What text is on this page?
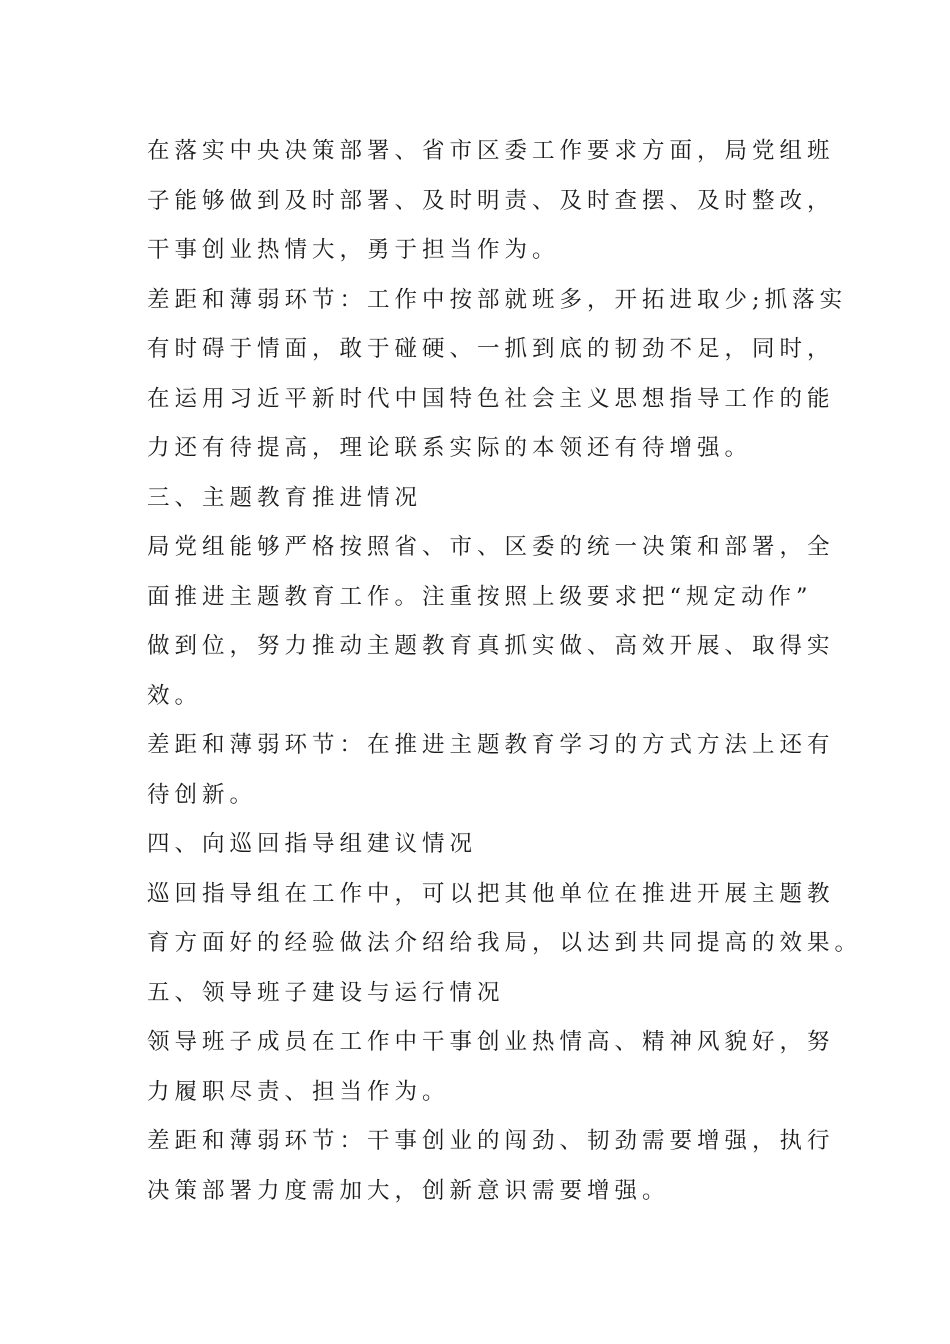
在落实中央决策部署、省市区委工作要求方面，局党组班
子能够做到及时部署、及时明责、及时查摆、及时整改，
干事创业热情大，勇于担当作为。
差距和薄弱环节：工作中按部就班多，开拓进取少;抓落实
有时碍于情面，敢于碰硬、一抓到底的韧劲不足，同时，
在运用习近平新时代中国特色社会主义思想指导工作的能
力还有待提高，理论联系实际的本领还有待增强。
三、主题教育推进情况
局党组能够严格按照省、市、区委的统一决策和部署，全
面推进主题教育工作。注重按照上级要求把“规定动作”
做到位，努力推动主题教育真抓实做、高效开展、取得实
效。
差距和薄弱环节：在推进主题教育学习的方式方法上还有
待创新。
四、向巡回指导组建议情况
巡回指导组在工作中，可以把其他单位在推进开展主题教
育方面好的经验做法介绍给我局，以达到共同提高的效果。
五、领导班子建设与运行情况
领导班子成员在工作中干事创业热情高、精神风貌好，努
力履职尽责、担当作为。
差距和薄弱环节：干事创业的闯劲、韧劲需要增强，执行
决策部署力度需加大，创新意识需要增强。
